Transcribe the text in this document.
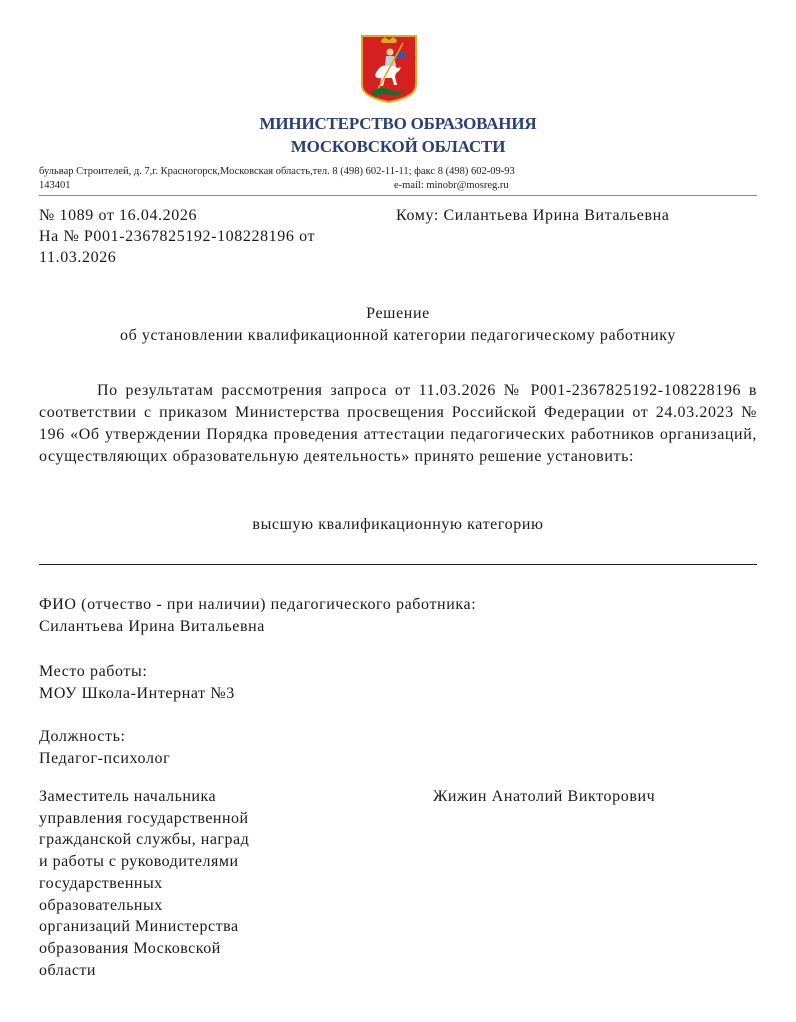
МИНИСТЕРСТВО ОБРАЗОВАНИЯ
МОСКОВСКОЙ ОБЛАСТИ
бульвар Строителей, д. 7,г. Красногорск,Московская область,тел. 8 (498) 602-11-11; факс 8 (498) 602-09-93
143401	e-mail: minobr@mosreg.ru
№ 1089 от 16.04.2026
На № Р001-2367825192-108228196 от
11.03.2026
Кому: Силантьева Ирина Витальевна
Решение
об установлении квалификационной категории педагогическому работнику
По результатам рассмотрения запроса от 11.03.2026 № Р001-2367825192-108228196 в соответствии с приказом Министерства просвещения Российской Федерации от 24.03.2023 № 196 «Об утверждении Порядка проведения аттестации педагогических работников организаций, осуществляющих образовательную деятельность» принято решение установить:
высшую квалификационную категорию
ФИО (отчество - при наличии) педагогического работника:
Силантьева Ирина Витальевна
Место работы:
МОУ Школа-Интернат №3
Должность:
Педагог-психолог
Заместитель начальника
управления государственной
гражданской службы, наград
и работы с руководителями
государственных
образовательных
организаций Министерства
образования Московской
области
Жижин Анатолий Викторович
